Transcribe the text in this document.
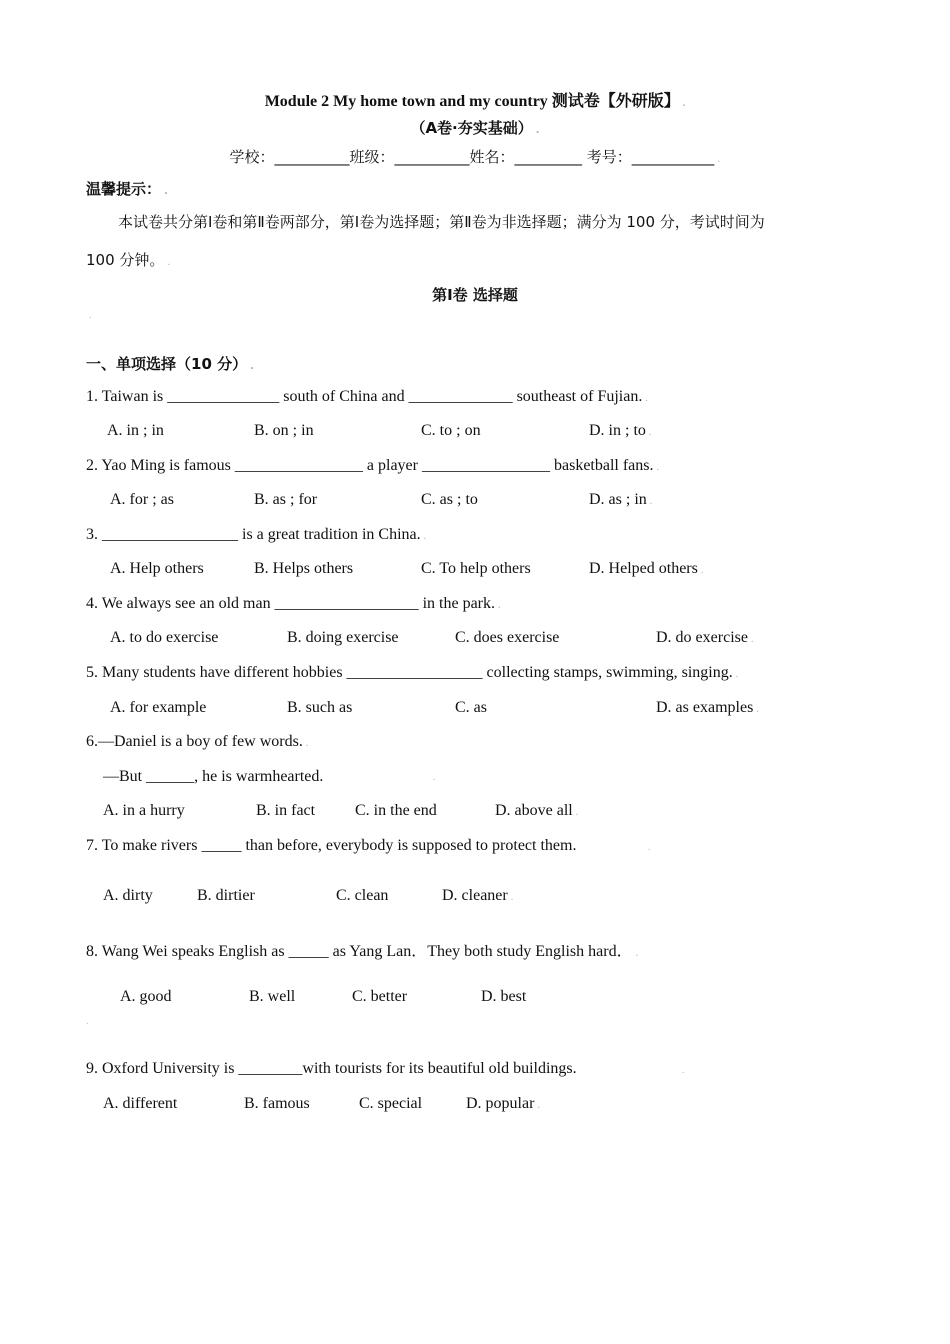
Module 2 My home town and my country 测试卷【外研版】 .
（A卷·夯实基础） .
学校：__________班级：__________姓名：_________ 考号：___________ .
温馨提示： .
本试卷共分第Ⅰ卷和第Ⅱ卷两部分，第Ⅰ卷为选择题；第Ⅱ卷为非选择题；满分为 100 分，考试时间为
100 分钟。 .
第Ⅰ卷 选择题
.
一、单项选择（10 分） .
1. Taiwan is ______________ south of China and _____________ southeast of Fujian. .
A. in ; in	B. on ; in	C. to ; on	D. in ; to .
2. Yao Ming is famous ________________ a player ________________ basketball fans. .
A. for ; as	B. as ; for	C. as ; to	D. as ; in .
3. _________________ is a great tradition in China. .
A. Help others	B. Helps others	C. To help others	D. Helped others .
4. We always see an old man __________________ in the park. .
A. to do exercise	B. doing exercise	C. does exercise	D. do exercise .
5. Many students have different hobbies _________________ collecting stamps, swimming, singing. .
A. for example	B. such as	C. as	D. as examples .
6.—Daniel is a boy of few words. .
—But ______, he is warmhearted.	.
A. in a hurry	B. in fact C. in the end	D. above all .
7. To make rivers _____ than before, everybody is supposed to protect them.	.
A. dirty	B. dirtier	C. clean	D. cleaner .
8. Wang Wei speaks English as _____ as Yang Lan．They both study English hard． .
A. good	B. well	C. better	D. best
.
9. Oxford University is ________with tourists for its beautiful old buildings.	.
A. different	B. famous	C. special	D. popular .
